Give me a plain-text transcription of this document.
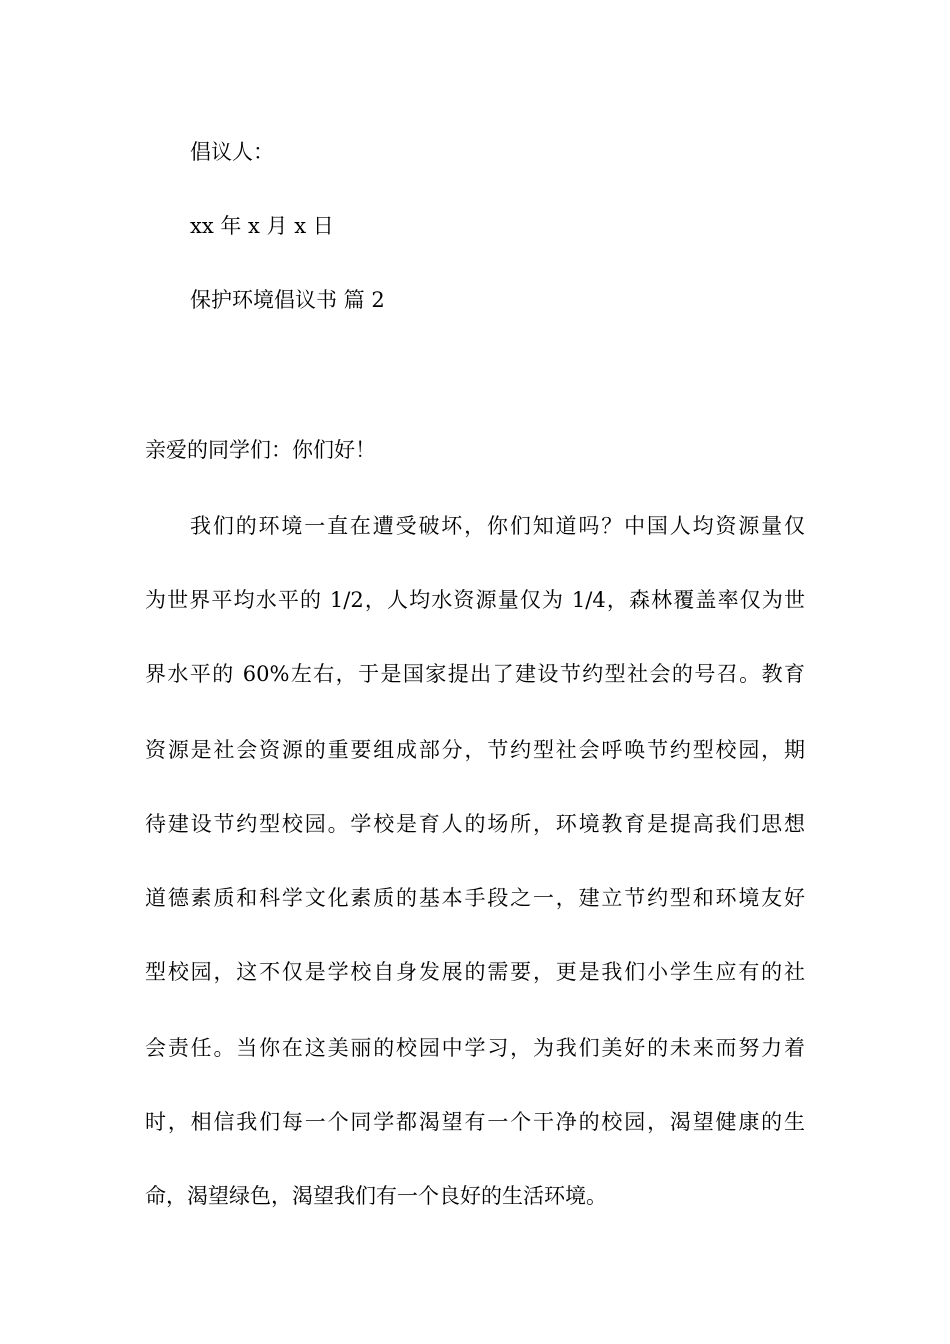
倡议人：
xx 年 x 月 x 日
保护环境倡议书 篇 2
亲爱的同学们：你们好！
我们的环境一直在遭受破坏，你们知道吗？中国人均资源量仅
为世界平均水平的 1/2，人均水资源量仅为 1/4，森林覆盖率仅为世
界水平的 60%左右，于是国家提出了建设节约型社会的号召。教育
资源是社会资源的重要组成部分，节约型社会呼唤节约型校园，期
待建设节约型校园。学校是育人的场所，环境教育是提高我们思想
道德素质和科学文化素质的基本手段之一，建立节约型和环境友好
型校园，这不仅是学校自身发展的需要，更是我们小学生应有的社
会责任。当你在这美丽的校园中学习，为我们美好的未来而努力着
时，相信我们每一个同学都渴望有一个干净的校园，渴望健康的生
命，渴望绿色，渴望我们有一个良好的生活环境。
